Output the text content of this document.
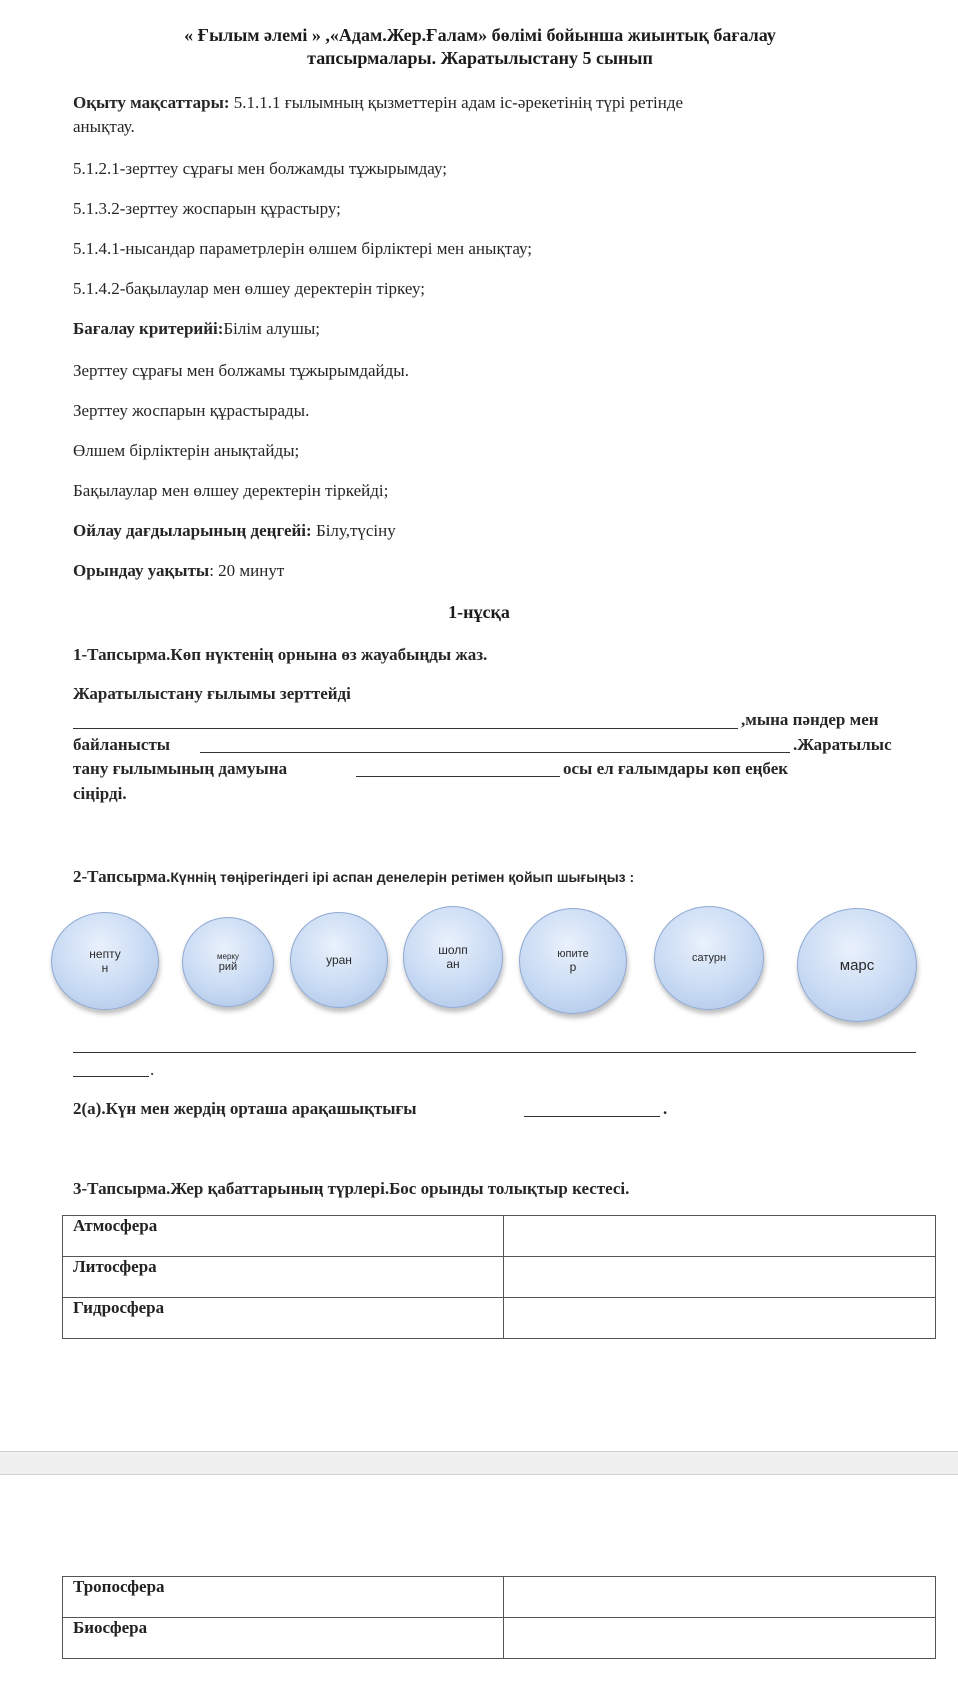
« Ғылым әлемі » ,«Адам.Жер.Ғалам» бөлімі бойынша жиынтық бағалау
тапсырмалары. Жаратылыстану 5 сынып
Оқыту мақсаттары: 5.1.1.1 ғылымның қызметтерін адам іс-әрекетінің түрі ретінде
анықтау.
5.1.2.1-зерттеу сұрағы мен болжамды тұжырымдау;
5.1.3.2-зерттеу жоспарын құрастыру;
5.1.4.1-нысандар параметрлерін өлшем бірліктері мен анықтау;
5.1.4.2-бақылаулар мен өлшеу деректерін тіркеу;
Бағалау критерийі:Білім алушы;
Зерттеу сұрағы мен болжамы тұжырымдайды.
Зерттеу жоспарын құрастырады.
Өлшем бірліктерін анықтайды;
Бақылаулар мен өлшеу деректерін тіркейді;
Ойлау дағдыларының деңгейі: Білу,түсіну
Орындау уақыты: 20 минут
1-нұсқа
1-Тапсырма.Көп нүктенің орнына өз жауабыңды жаз.
Жаратылыстану ғылымы зерттейді
,мына пәндер мен
байланысты	.Жаратылыс
тану ғылымының дамуына	осы ел ғалымдары көп еңбек
сіңірді.
2-Тапсырма.Күннің төңірегіндегі ірі аспан денелерін ретімен қойып шығыңыз :
непту
н
мерку
рий	уран
шолп
ан
юпите
р
сатурн	марс
.
2(а).Күн мен жердің орташа арақашықтығы	.
3-Тапсырма.Жер қабаттарының түрлері.Бос орынды толықтыр кестесі.
Атмосфера	
Литосфера	
Гидросфера	
Тропосфера	
Биосфера	
